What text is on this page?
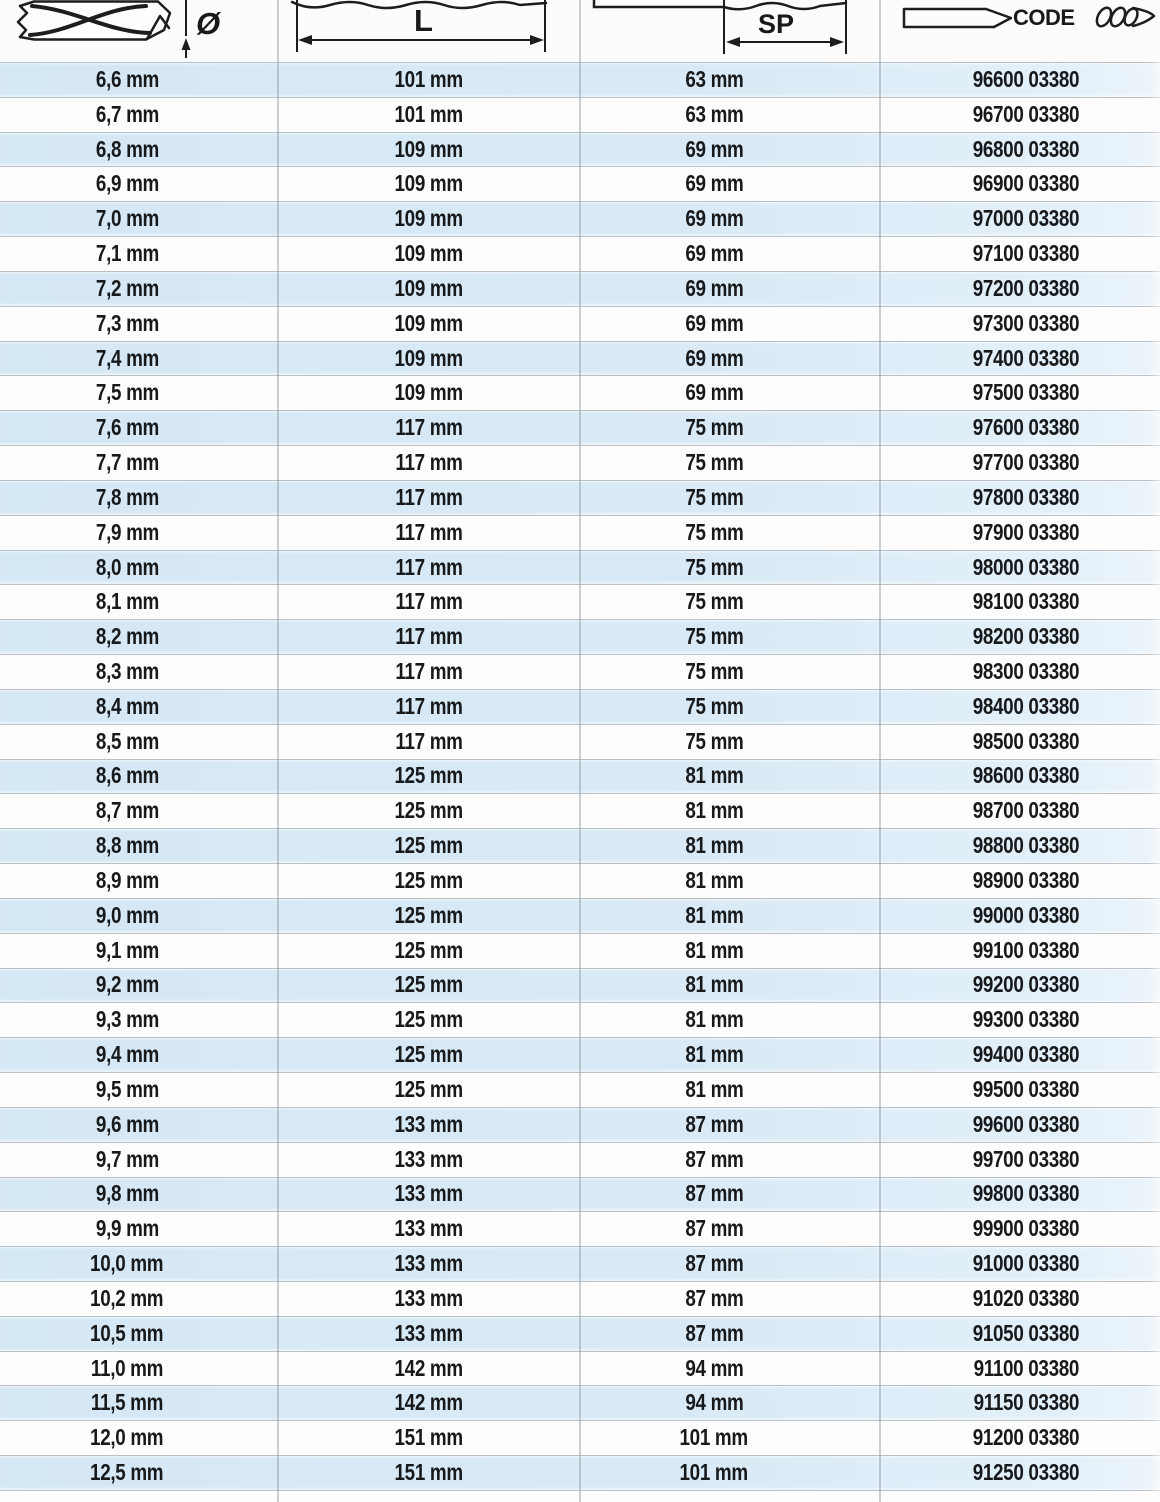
Ø	L	SP	CODE
6,6 mm	101 mm	63 mm	96600 03380
6,7 mm	101 mm	63 mm	96700 03380
6,8 mm	109 mm	69 mm	96800 03380
6,9 mm	109 mm	69 mm	96900 03380
7,0 mm	109 mm	69 mm	97000 03380
7,1 mm	109 mm	69 mm	97100 03380
7,2 mm	109 mm	69 mm	97200 03380
7,3 mm	109 mm	69 mm	97300 03380
7,4 mm	109 mm	69 mm	97400 03380
7,5 mm	109 mm	69 mm	97500 03380
7,6 mm	117 mm	75 mm	97600 03380
7,7 mm	117 mm	75 mm	97700 03380
7,8 mm	117 mm	75 mm	97800 03380
7,9 mm	117 mm	75 mm	97900 03380
8,0 mm	117 mm	75 mm	98000 03380
8,1 mm	117 mm	75 mm	98100 03380
8,2 mm	117 mm	75 mm	98200 03380
8,3 mm	117 mm	75 mm	98300 03380
8,4 mm	117 mm	75 mm	98400 03380
8,5 mm	117 mm	75 mm	98500 03380
8,6 mm	125 mm	81 mm	98600 03380
8,7 mm	125 mm	81 mm	98700 03380
8,8 mm	125 mm	81 mm	98800 03380
8,9 mm	125 mm	81 mm	98900 03380
9,0 mm	125 mm	81 mm	99000 03380
9,1 mm	125 mm	81 mm	99100 03380
9,2 mm	125 mm	81 mm	99200 03380
9,3 mm	125 mm	81 mm	99300 03380
9,4 mm	125 mm	81 mm	99400 03380
9,5 mm	125 mm	81 mm	99500 03380
9,6 mm	133 mm	87 mm	99600 03380
9,7 mm	133 mm	87 mm	99700 03380
9,8 mm	133 mm	87 mm	99800 03380
9,9 mm	133 mm	87 mm	99900 03380
10,0 mm	133 mm	87 mm	91000 03380
10,2 mm	133 mm	87 mm	91020 03380
10,5 mm	133 mm	87 mm	91050 03380
11,0 mm	142 mm	94 mm	91100 03380
11,5 mm	142 mm	94 mm	91150 03380
12,0 mm	151 mm	101 mm	91200 03380
12,5 mm	151 mm	101 mm	91250 03380
